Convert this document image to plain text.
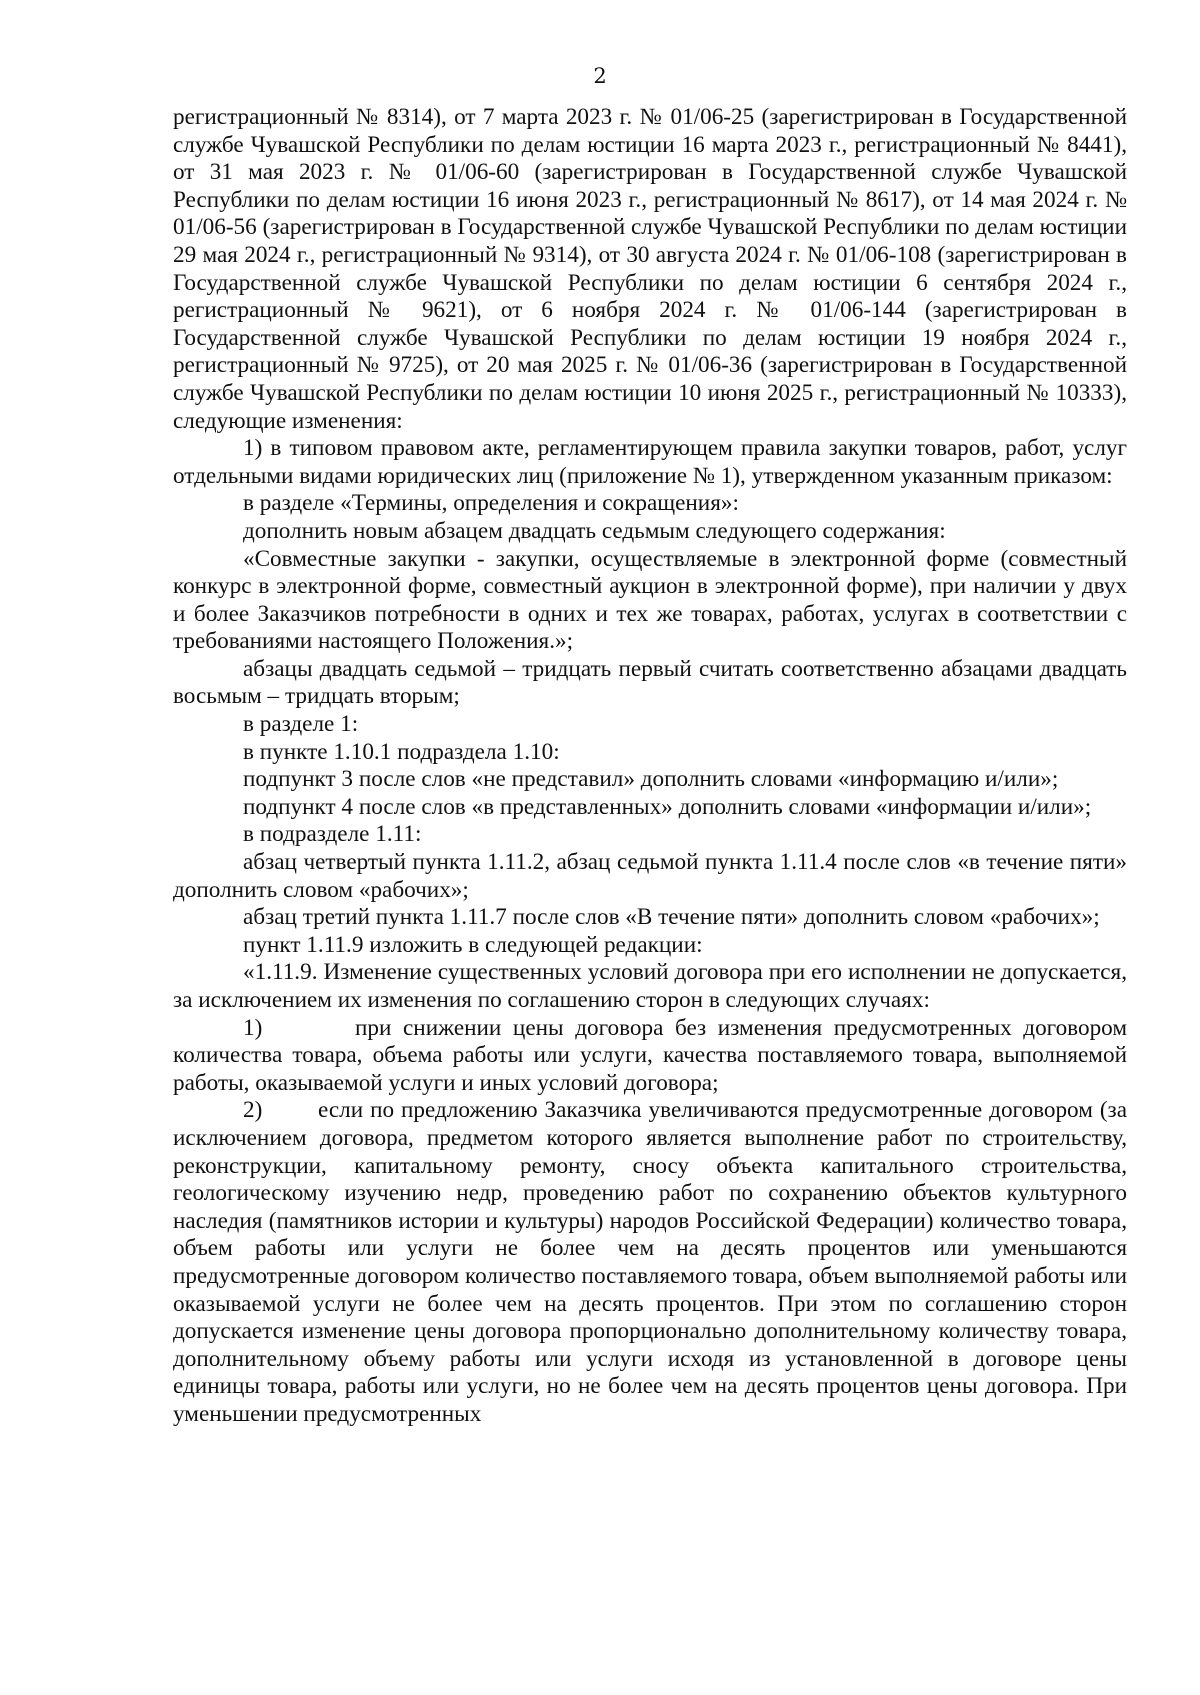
2

регистрационный № 8314), от 7 марта 2023 г. № 01/06-25 (зарегистрирован в Государственной службе Чувашской Республики по делам юстиции 16 марта 2023 г., регистрационный № 8441), от 31 мая 2023 г. № 01/06-60 (зарегистрирован в Государственной службе Чувашской Республики по делам юстиции 16 июня 2023 г., регистрационный № 8617), от 14 мая 2024 г. № 01/06-56 (зарегистрирован в Государственной службе Чувашской Республики по делам юстиции 29 мая 2024 г., регистрационный № 9314), от 30 августа 2024 г. № 01/06-108 (зарегистрирован в Государственной службе Чувашской Республики по делам юстиции 6 сентября 2024 г., регистрационный № 9621), от 6 ноября 2024 г. № 01/06-144 (зарегистрирован в Государственной службе Чувашской Республики по делам юстиции 19 ноября 2024 г., регистрационный № 9725), от 20 мая 2025 г. № 01/06-36 (зарегистрирован в Государственной службе Чувашской Республики по делам юстиции 10 июня 2025 г., регистрационный № 10333), следующие изменения:

1) в типовом правовом акте, регламентирующем правила закупки товаров, работ, услуг отдельными видами юридических лиц (приложение № 1), утвержденном указанным приказом:

в разделе «Термины, определения и сокращения»:

дополнить новым абзацем двадцать седьмым следующего содержания:

«Совместные закупки - закупки, осуществляемые в электронной форме (совместный конкурс в электронной форме, совместный аукцион в электронной форме), при наличии у двух и более Заказчиков потребности в одних и тех же товарах, работах, услугах в соответствии с требованиями настоящего Положения.»;

абзацы двадцать седьмой – тридцать первый считать соответственно абзацами двадцать восьмым – тридцать вторым;

в разделе 1:

в пункте 1.10.1 подраздела 1.10:

подпункт 3 после слов «не представил» дополнить словами «информацию и/или»;

подпункт 4 после слов «в представленных» дополнить словами «информации и/или»;

в подразделе 1.11:

абзац четвертый пункта 1.11.2, абзац седьмой пункта 1.11.4 после слов «в течение пяти» дополнить словом «рабочих»;

абзац третий пункта 1.11.7 после слов «В течение пяти» дополнить словом «рабочих»;

пункт 1.11.9 изложить в следующей редакции:

«1.11.9. Изменение существенных условий договора при его исполнении не допускается, за исключением их изменения по соглашению сторон в следующих случаях:

1)        при снижении цены договора без изменения предусмотренных договором количества товара, объема работы или услуги, качества поставляемого товара, выполняемой работы, оказываемой услуги и иных условий договора;

2)        если по предложению Заказчика увеличиваются предусмотренные договором (за исключением договора, предметом которого является выполнение работ по строительству, реконструкции, капитальному ремонту, сносу объекта капитального строительства, геологическому изучению недр, проведению работ по сохранению объектов культурного наследия (памятников истории и культуры) народов Российской Федерации) количество товара, объем работы или услуги не более чем на десять процентов или уменьшаются предусмотренные договором количество поставляемого товара, объем выполняемой работы или оказываемой услуги не более чем на десять процентов. При этом по соглашению сторон допускается изменение цены договора пропорционально дополнительному количеству товара, дополнительному объему работы или услуги исходя из установленной в договоре цены единицы товара, работы или услуги, но не более чем на десять процентов цены договора. При уменьшении предусмотренных
